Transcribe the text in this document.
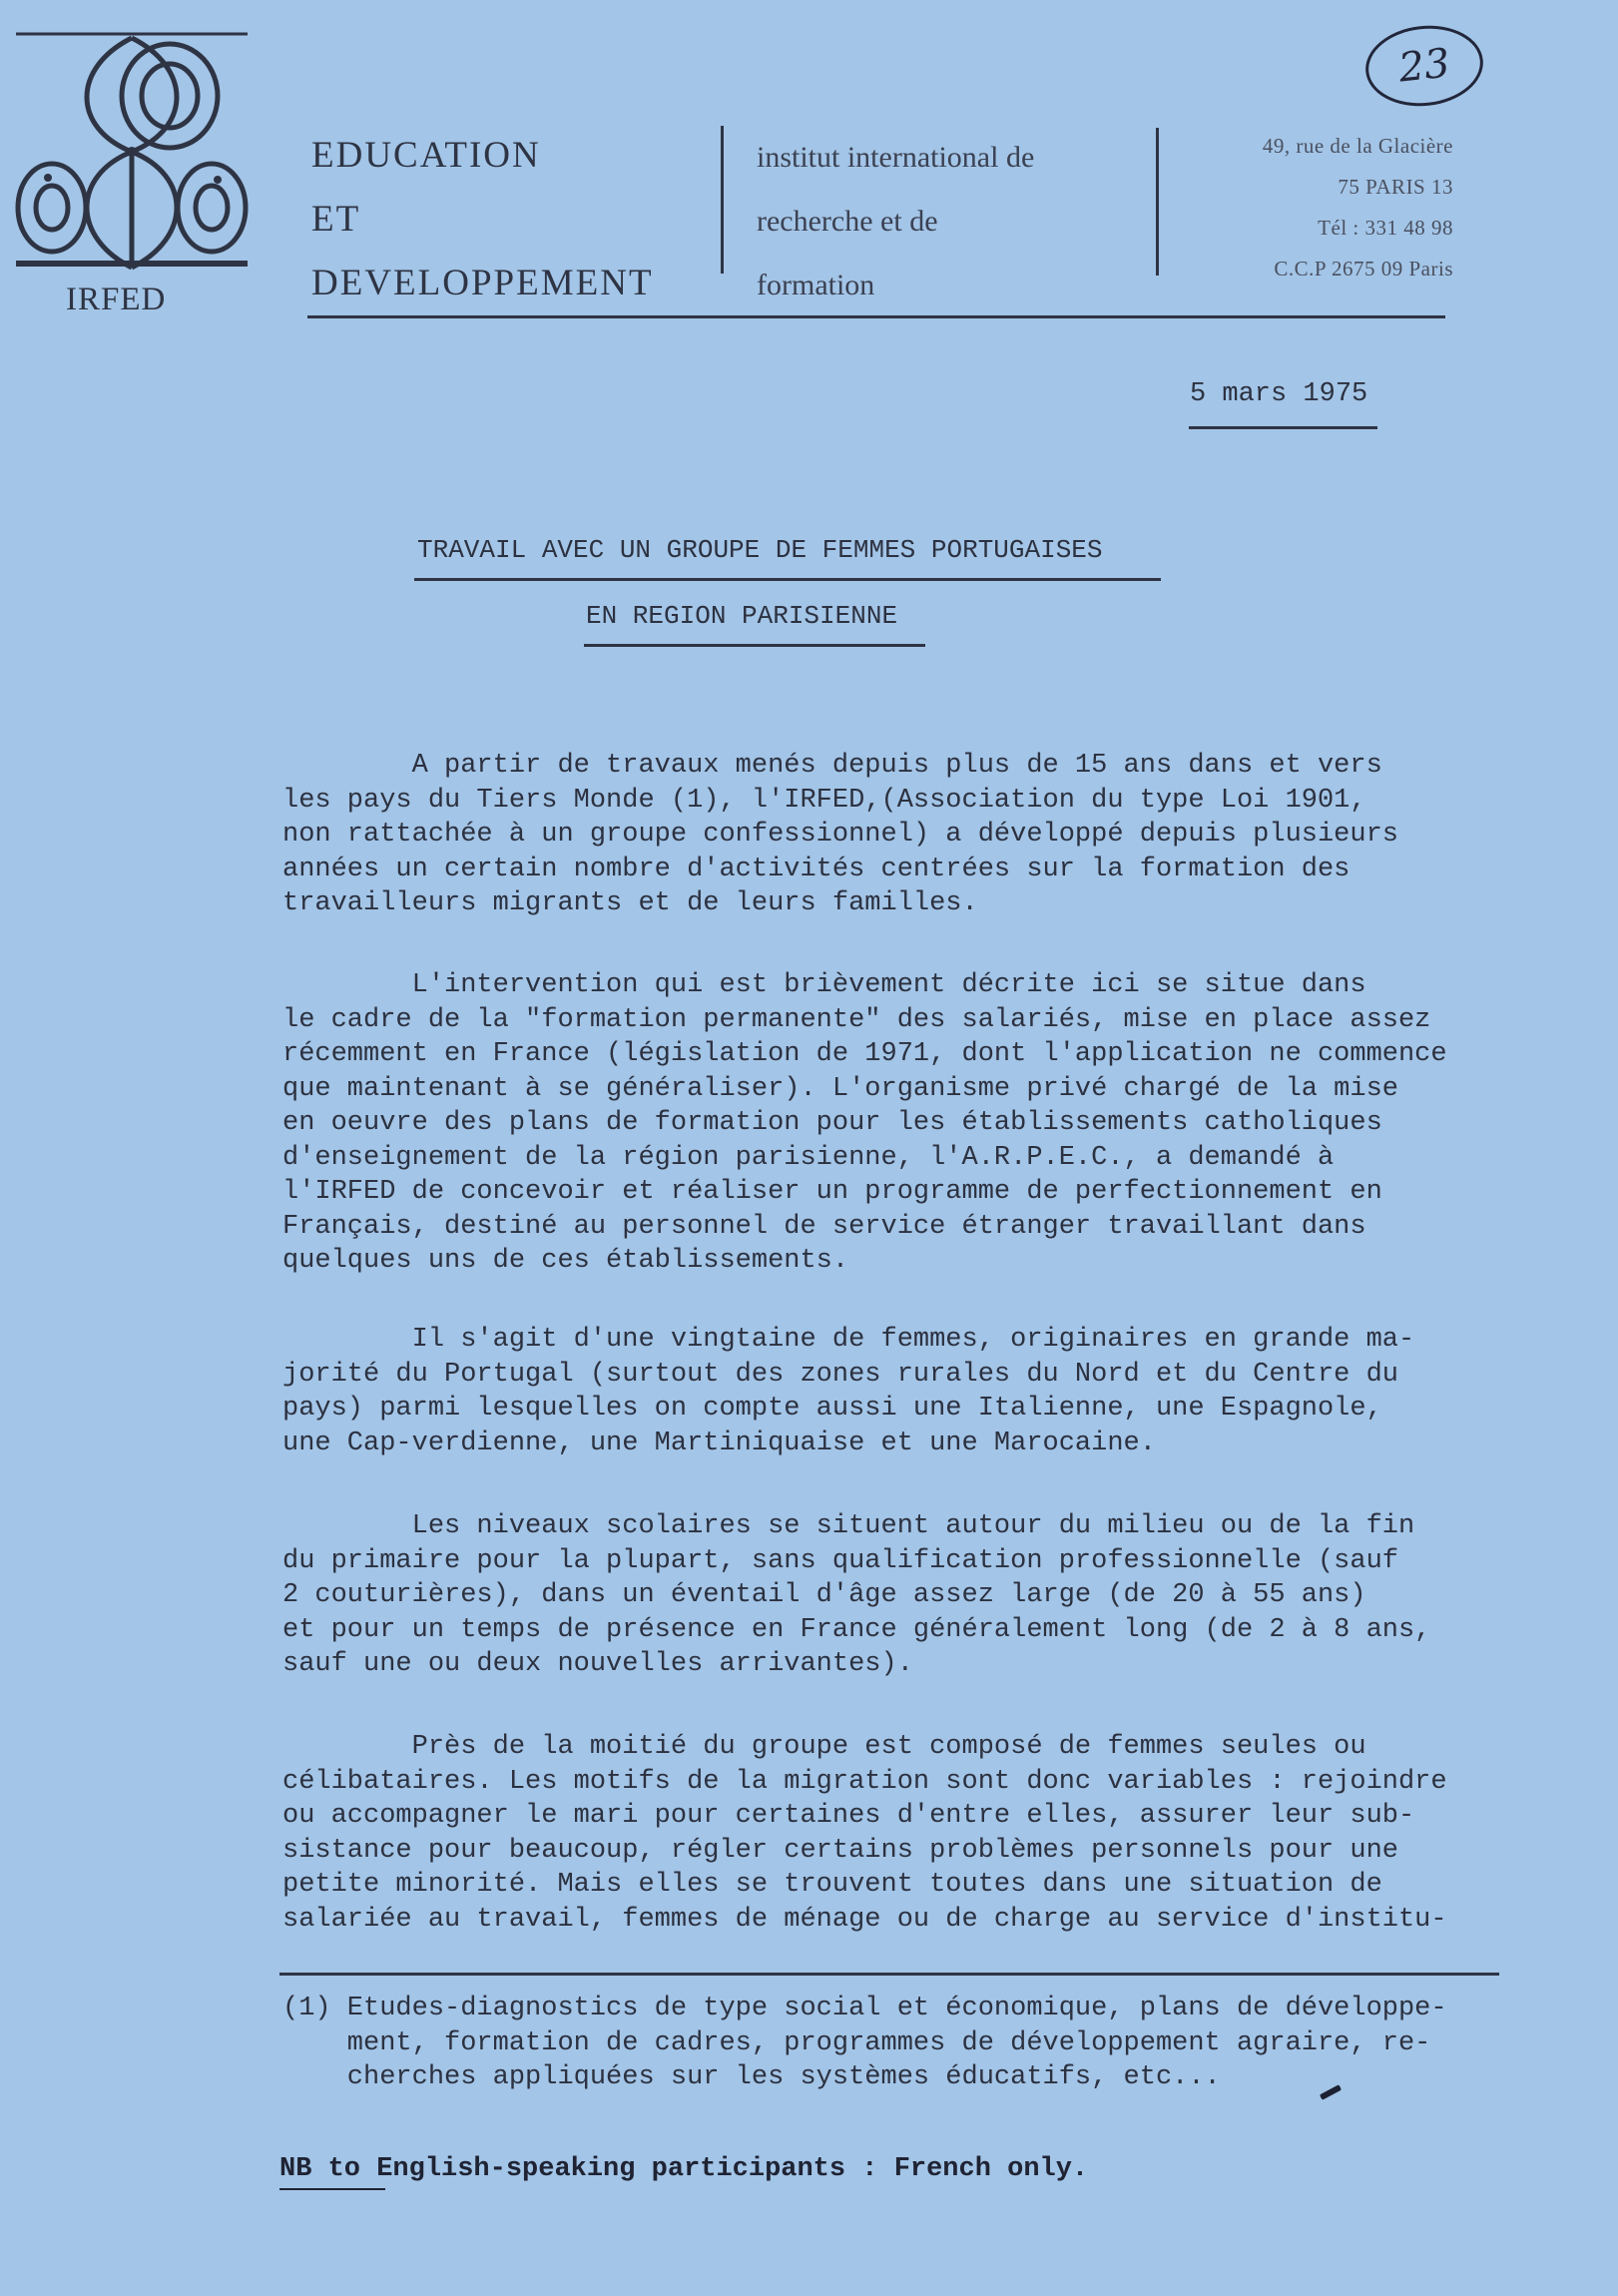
IRFED
EDUCATION
ET
DEVELOPPEMENT
institut international de
recherche et de
formation
49, rue de la Glacière
75 PARIS 13
Tél : 331 48 98
C.C.P 2675 09 Paris
23
5 mars 1975
TRAVAIL AVEC UN GROUPE DE FEMMES PORTUGAISES
EN REGION PARISIENNE
A partir de travaux menés depuis plus de 15 ans dans et vers
les pays du Tiers Monde (1), l'IRFED,(Association du type Loi 1901,
non rattachée à un groupe confessionnel) a développé depuis plusieurs
années un certain nombre d'activités centrées sur la formation des
travailleurs migrants et de leurs familles.
L'intervention qui est brièvement décrite ici se situe dans
le cadre de la "formation permanente" des salariés, mise en place assez
récemment en France (législation de 1971, dont l'application ne commence
que maintenant à se généraliser). L'organisme privé chargé de la mise
en oeuvre des plans de formation pour les établissements catholiques
d'enseignement de la région parisienne, l'A.R.P.E.C., a demandé à
l'IRFED de concevoir et réaliser un programme de perfectionnement en
Français, destiné au personnel de service étranger travaillant dans
quelques uns de ces établissements.
Il s'agit d'une vingtaine de femmes, originaires en grande ma-
jorité du Portugal (surtout des zones rurales du Nord et du Centre du
pays) parmi lesquelles on compte aussi une Italienne, une Espagnole,
une Cap-verdienne, une Martiniquaise et une Marocaine.
Les niveaux scolaires se situent autour du milieu ou de la fin
du primaire pour la plupart, sans qualification professionnelle (sauf
2 couturières), dans un éventail d'âge assez large (de 20 à 55 ans)
et pour un temps de présence en France généralement long (de 2 à 8 ans,
sauf une ou deux nouvelles arrivantes).
Près de la moitié du groupe est composé de femmes seules ou
célibataires. Les motifs de la migration sont donc variables : rejoindre
ou accompagner le mari pour certaines d'entre elles, assurer leur sub-
sistance pour beaucoup, régler certains problèmes personnels pour une
petite minorité. Mais elles se trouvent toutes dans une situation de
salariée au travail, femmes de ménage ou de charge au service d'institu-
(1) Etudes-diagnostics de type social et économique, plans de développe-
ment, formation de cadres, programmes de développement agraire, re-
cherches appliquées sur les systèmes éducatifs, etc...
NB to English-speaking participants : French only.
